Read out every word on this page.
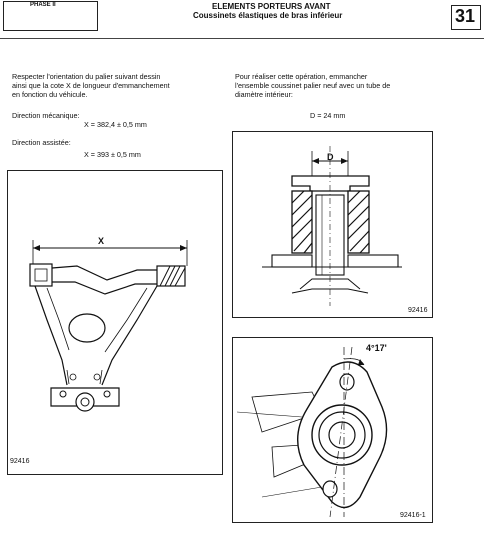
PHASE II	ELEMENTS PORTEURS AVANT
Coussinets élastiques de bras inférieur	31
Respecter l'orientation du palier suivant dessin
ainsi que la cote X de longueur d'emmanchement
en fonction du véhicule.
Direction mécanique:
X = 382,4 ± 0,5 mm
Direction assistée:
X = 393 ± 0,5 mm
Pour réaliser cette opération, emmancher
l'ensemble coussinet palier neuf avec un tube de
diamètre intérieur:
D = 24 mm
X
92416
D
92416
4°17'
92416-1
